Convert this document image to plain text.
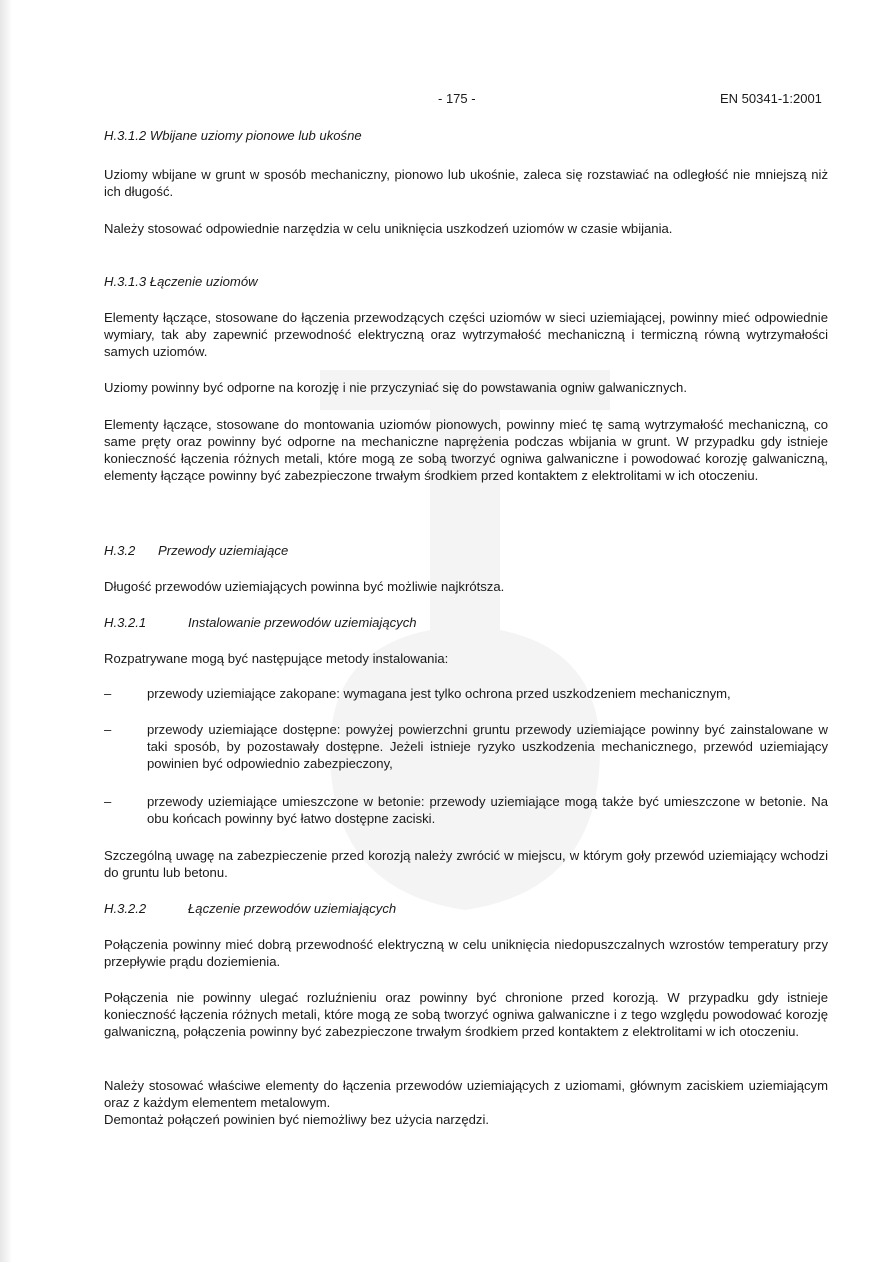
- 175 -	EN 50341-1:2001
H.3.1.2 Wbijane uziomy pionowe lub ukośne
Uziomy wbijane w grunt w sposób mechaniczny, pionowo lub ukośnie, zaleca się rozstawiać na odległość nie mniejszą niż ich długość.
Należy stosować odpowiednie narzędzia w celu uniknięcia uszkodzeń uziomów w czasie wbijania.
H.3.1.3 Łączenie uziomów
Elementy łączące, stosowane do łączenia przewodzących części uziomów w sieci uziemiającej, powinny mieć odpowiednie wymiary, tak aby zapewnić przewodność elektryczną oraz wytrzymałość mechaniczną i termiczną równą wytrzymałości samych uziomów.
Uziomy powinny być odporne na korozję i nie przyczyniać się do powstawania ogniw galwanicznych.
Elementy łączące, stosowane do montowania uziomów pionowych, powinny mieć tę samą wytrzymałość mechaniczną, co same pręty oraz powinny być odporne na mechaniczne naprężenia podczas wbijania w grunt. W przypadku gdy istnieje konieczność łączenia różnych metali, które mogą ze sobą tworzyć ogniwa galwaniczne i powodować korozję galwaniczną, elementy łączące powinny być zabezpieczone trwałym środkiem przed kontaktem z elektrolitami w ich otoczeniu.
H.3.2 Przewody uziemiające
Długość przewodów uziemiających powinna być możliwie najkrótsza.
H.3.2.1	Instalowanie przewodów uziemiających
Rozpatrywane mogą być następujące metody instalowania:
–	przewody uziemiające zakopane: wymagana jest tylko ochrona przed uszkodzeniem mechanicznym,
–	przewody uziemiające dostępne: powyżej powierzchni gruntu przewody uziemiające powinny być zainstalowane w taki sposób, by pozostawały dostępne. Jeżeli istnieje ryzyko uszkodzenia mechanicznego, przewód uziemiający powinien być odpowiednio zabezpieczony,
–	przewody uziemiające umieszczone w betonie: przewody uziemiające mogą także być umieszczone w betonie. Na obu końcach powinny być łatwo dostępne zaciski.
Szczególną uwagę na zabezpieczenie przed korozją należy zwrócić w miejscu, w którym goły przewód uziemiający wchodzi do gruntu lub betonu.
H.3.2.2	Łączenie przewodów uziemiających
Połączenia powinny mieć dobrą przewodność elektryczną w celu uniknięcia niedopuszczalnych wzrostów temperatury przy przepływie prądu doziemienia.
Połączenia nie powinny ulegać rozluźnieniu oraz powinny być chronione przed korozją. W przypadku gdy istnieje konieczność łączenia różnych metali, które mogą ze sobą tworzyć ogniwa galwaniczne i z tego względu powodować korozję galwaniczną, połączenia powinny być zabezpieczone trwałym środkiem przed kontaktem z elektrolitami w ich otoczeniu.
Należy stosować właściwe elementy do łączenia przewodów uziemiających z uziomami, głównym zaciskiem uziemiającym oraz z każdym elementem metalowym.
Demontaż połączeń powinien być niemożliwy bez użycia narzędzi.
